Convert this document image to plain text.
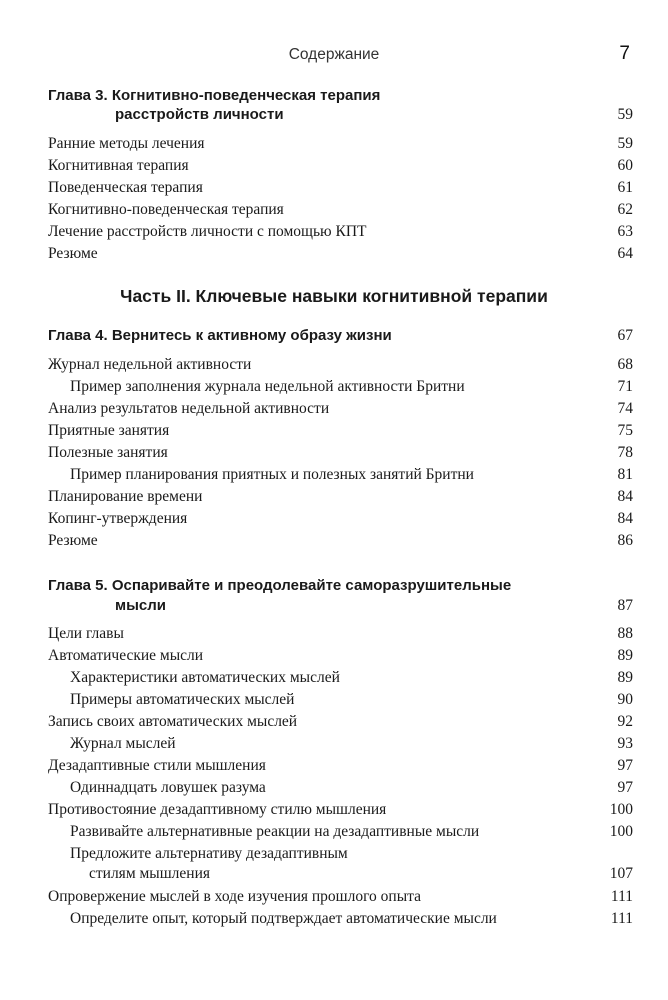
Содержание	7
Глава 3. Когнитивно-поведенческая терапия
расстройств личности	59
Ранние методы лечения	59
Когнитивная терапия	60
Поведенческая терапия	61
Когнитивно-поведенческая терапия	62
Лечение расстройств личности с помощью КПТ	63
Резюме	64
Часть II. Ключевые навыки когнитивной терапии
Глава 4. Вернитесь к активному образу жизни	67
Журнал недельной активности	68
Пример заполнения журнала недельной активности Бритни	71
Анализ результатов недельной активности	74
Приятные занятия	75
Полезные занятия	78
Пример планирования приятных и полезных занятий Бритни	81
Планирование времени	84
Копинг-утверждения	84
Резюме	86
Глава 5. Оспаривайте и преодолевайте саморазрушительные
мысли	87
Цели главы	88
Автоматические мысли	89
Характеристики автоматических мыслей	89
Примеры автоматических мыслей	90
Запись своих автоматических мыслей	92
Журнал мыслей	93
Дезадаптивные стили мышления	97
Одиннадцать ловушек разума	97
Противостояние дезадаптивному стилю мышления	100
Развивайте альтернативные реакции на дезадаптивные мысли	100
Предложите альтернативу дезадаптивным
стилям мышления	107
Опровержение мыслей в ходе изучения прошлого опыта	111
Определите опыт, который подтверждает автоматические мысли	111
